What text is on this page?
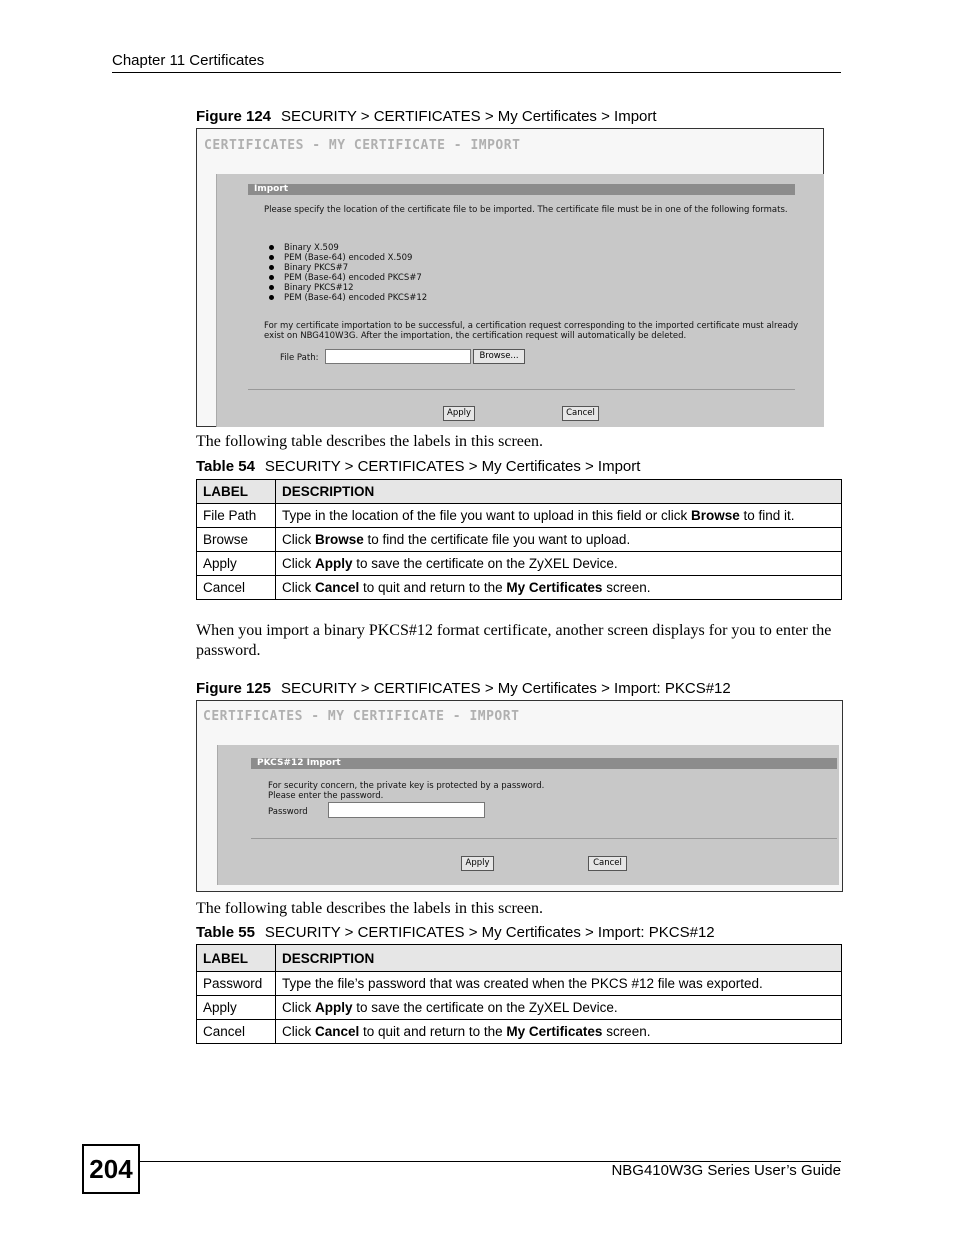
Chapter 11 Certificates
Figure 124 SECURITY > CERTIFICATES > My Certificates > Import
CERTIFICATES - MY CERTIFICATE - IMPORT
Import
Please specify the location of the certificate file to be imported. The certificate file must be in one of the following formats.
Binary X.509
PEM (Base-64) encoded X.509
Binary PKCS#7
PEM (Base-64) encoded PKCS#7
Binary PKCS#12
PEM (Base-64) encoded PKCS#12
For my certificate importation to be successful, a certification request corresponding to the imported certificate must already exist on NBG410W3G. After the importation, the certification request will automatically be deleted.
File Path:	Browse...
Apply	Cancel
The following table describes the labels in this screen.
Table 54 SECURITY > CERTIFICATES > My Certificates > Import
LABEL	DESCRIPTION
File Path	Type in the location of the file you want to upload in this field or click Browse to find it.
Browse	Click Browse to find the certificate file you want to upload.
Apply	Click Apply to save the certificate on the ZyXEL Device.
Cancel	Click Cancel to quit and return to the My Certificates screen.
When you import a binary PKCS#12 format certificate, another screen displays for you to enter the password.
Figure 125 SECURITY > CERTIFICATES > My Certificates > Import: PKCS#12
CERTIFICATES - MY CERTIFICATE - IMPORT
PKCS#12 Import
For security concern, the private key is protected by a password.
Please enter the password.
Password
Apply	Cancel
The following table describes the labels in this screen.
Table 55 SECURITY > CERTIFICATES > My Certificates > Import: PKCS#12
LABEL	DESCRIPTION
Password	Type the file’s password that was created when the PKCS #12 file was exported.
Apply	Click Apply to save the certificate on the ZyXEL Device.
Cancel	Click Cancel to quit and return to the My Certificates screen.
204	NBG410W3G Series User’s Guide
